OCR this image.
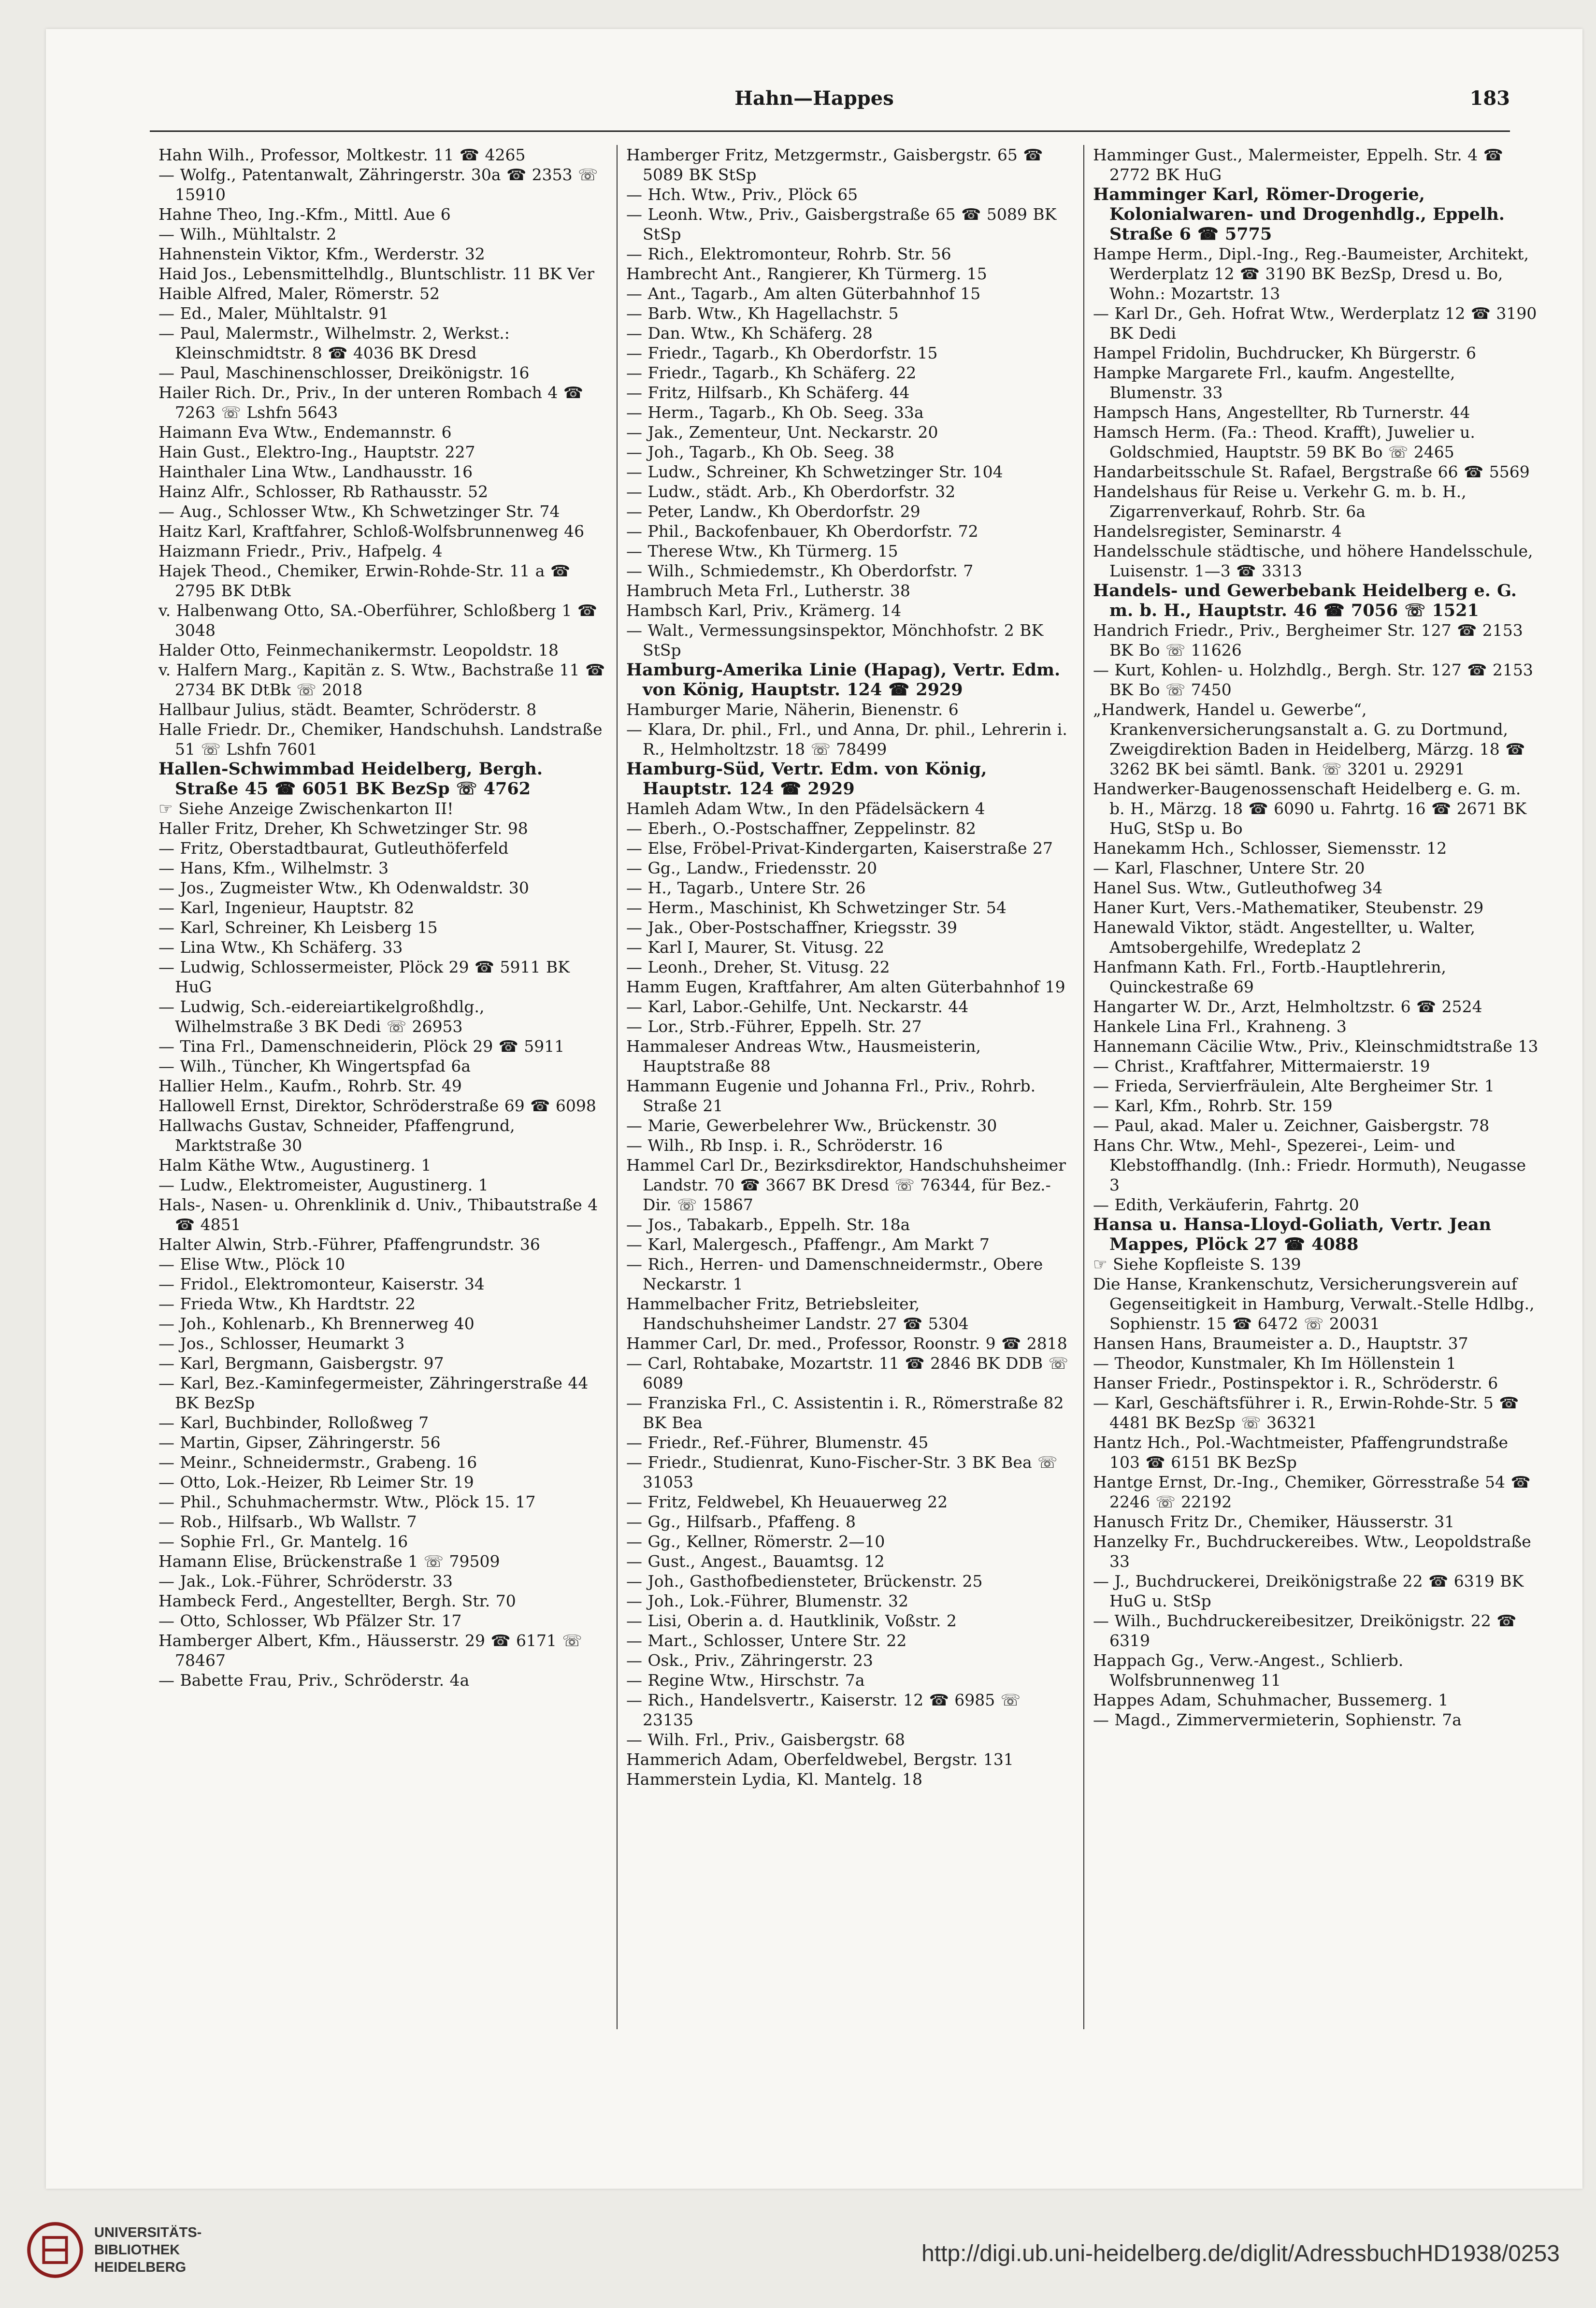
Hahn—Happes	183

Hahn Wilh., Professor, Moltkestr. 11 ☎ 4265

— Wolfg., Patentanwalt, Zähringerstr. 30a ☎ 2353 ☏ 15910

Hahne Theo, Ing.-Kfm., Mittl. Aue 6

— Wilh., Mühltalstr. 2

Hahnenstein Viktor, Kfm., Werderstr. 32

Haid Jos., Lebensmittelhdlg., Bluntschlistr. 11 BK Ver

Haible Alfred, Maler, Römerstr. 52

— Ed., Maler, Mühltalstr. 91

— Paul, Malermstr., Wilhelmstr. 2, Werkst.: Kleinschmidtstr. 8 ☎ 4036 BK Dresd

— Paul, Maschinenschlosser, Dreikönigstr. 16

Hailer Rich. Dr., Priv., In der unteren Rombach 4 ☎ 7263 ☏ Lshfn 5643

Haimann Eva Wtw., Endemannstr. 6

Hain Gust., Elektro-Ing., Hauptstr. 227

Hainthaler Lina Wtw., Landhausstr. 16

Hainz Alfr., Schlosser, Rb Rathausstr. 52

— Aug., Schlosser Wtw., Kh Schwetzinger Str. 74

Haitz Karl, Kraftfahrer, Schloß-Wolfsbrunnenweg 46

Haizmann Friedr., Priv., Hafpelg. 4

Hajek Theod., Chemiker, Erwin-Rohde-Str. 11 a ☎ 2795 BK DtBk

v. Halbenwang Otto, SA.-Oberführer, Schloßberg 1 ☎ 3048

Halder Otto, Feinmechanikermstr. Leopoldstr. 18

v. Halfern Marg., Kapitän z. S. Wtw., Bachstraße 11 ☎ 2734 BK DtBk ☏ 2018

Hallbaur Julius, städt. Beamter, Schröderstr. 8

Halle Friedr. Dr., Chemiker, Handschuhsh. Landstraße 51 ☏ Lshfn 7601

Hallen-Schwimmbad Heidelberg, Bergh. Straße 45 ☎ 6051 BK BezSp ☏ 4762

☞ Siehe Anzeige Zwischenkarton II!

Haller Fritz, Dreher, Kh Schwetzinger Str. 98

— Fritz, Oberstadtbaurat, Gutleuthöferfeld

— Hans, Kfm., Wilhelmstr. 3

— Jos., Zugmeister Wtw., Kh Odenwaldstr. 30

— Karl, Ingenieur, Hauptstr. 82

— Karl, Schreiner, Kh Leisberg 15

— Lina Wtw., Kh Schäferg. 33

— Ludwig, Schlossermeister, Plöck 29 ☎ 5911 BK HuG

— Ludwig, Sch.-eidereiartikelgroßhdlg., Wilhelmstraße 3 BK Dedi ☏ 26953

— Tina Frl., Damenschneiderin, Plöck 29 ☎ 5911

— Wilh., Tüncher, Kh Wingertspfad 6a

Hallier Helm., Kaufm., Rohrb. Str. 49

Hallowell Ernst, Direktor, Schröderstraße 69 ☎ 6098

Hallwachs Gustav, Schneider, Pfaffengrund, Marktstraße 30

Halm Käthe Wtw., Augustinerg. 1

— Ludw., Elektromeister, Augustinerg. 1

Hals-, Nasen- u. Ohrenklinik d. Univ., Thibautstraße 4 ☎ 4851

Halter Alwin, Strb.-Führer, Pfaffengrundstr. 36

— Elise Wtw., Plöck 10

— Fridol., Elektromonteur, Kaiserstr. 34

— Frieda Wtw., Kh Hardtstr. 22

— Joh., Kohlenarb., Kh Brennerweg 40

— Jos., Schlosser, Heumarkt 3

— Karl, Bergmann, Gaisbergstr. 97

— Karl, Bez.-Kaminfegermeister, Zähringerstraße 44 BK BezSp

— Karl, Buchbinder, Rolloßweg 7

— Martin, Gipser, Zähringerstr. 56

— Meinr., Schneidermstr., Grabeng. 16

— Otto, Lok.-Heizer, Rb Leimer Str. 19

— Phil., Schuhmachermstr. Wtw., Plöck 15. 17

— Rob., Hilfsarb., Wb Wallstr. 7

— Sophie Frl., Gr. Mantelg. 16

Hamann Elise, Brückenstraße 1 ☏ 79509

— Jak., Lok.-Führer, Schröderstr. 33

Hambeck Ferd., Angestellter, Bergh. Str. 70

— Otto, Schlosser, Wb Pfälzer Str. 17

Hamberger Albert, Kfm., Häusserstr. 29 ☎ 6171 ☏ 78467

— Babette Frau, Priv., Schröderstr. 4a

Hamberger Fritz, Metzgermstr., Gaisbergstr. 65 ☎ 5089 BK StSp

— Hch. Wtw., Priv., Plöck 65

— Leonh. Wtw., Priv., Gaisbergstraße 65 ☎ 5089 BK StSp

— Rich., Elektromonteur, Rohrb. Str. 56

Hambrecht Ant., Rangierer, Kh Türmerg. 15

— Ant., Tagarb., Am alten Güterbahnhof 15

— Barb. Wtw., Kh Hagellachstr. 5

— Dan. Wtw., Kh Schäferg. 28

— Friedr., Tagarb., Kh Oberdorfstr. 15

— Friedr., Tagarb., Kh Schäferg. 22

— Fritz, Hilfsarb., Kh Schäferg. 44

— Herm., Tagarb., Kh Ob. Seeg. 33a

— Jak., Zementeur, Unt. Neckarstr. 20

— Joh., Tagarb., Kh Ob. Seeg. 38

— Ludw., Schreiner, Kh Schwetzinger Str. 104

— Ludw., städt. Arb., Kh Oberdorfstr. 32

— Peter, Landw., Kh Oberdorfstr. 29

— Phil., Backofenbauer, Kh Oberdorfstr. 72

— Therese Wtw., Kh Türmerg. 15

— Wilh., Schmiedemstr., Kh Oberdorfstr. 7

Hambruch Meta Frl., Lutherstr. 38

Hambsch Karl, Priv., Krämerg. 14

— Walt., Vermessungsinspektor, Mönchhofstr. 2 BK StSp

Hamburg-Amerika Linie (Hapag), Vertr. Edm. von König, Hauptstr. 124 ☎ 2929

Hamburger Marie, Näherin, Bienenstr. 6

— Klara, Dr. phil., Frl., und Anna, Dr. phil., Lehrerin i. R., Helmholtzstr. 18 ☏ 78499

Hamburg-Süd, Vertr. Edm. von König, Hauptstr. 124 ☎ 2929

Hamleh Adam Wtw., In den Pfädelsäckern 4

— Eberh., O.-Postschaffner, Zeppelinstr. 82

— Else, Fröbel-Privat-Kindergarten, Kaiserstraße 27

— Gg., Landw., Friedensstr. 20

— H., Tagarb., Untere Str. 26

— Herm., Maschinist, Kh Schwetzinger Str. 54

— Jak., Ober-Postschaffner, Kriegsstr. 39

— Karl I, Maurer, St. Vitusg. 22

— Leonh., Dreher, St. Vitusg. 22

Hamm Eugen, Kraftfahrer, Am alten Güterbahnhof 19

— Karl, Labor.-Gehilfe, Unt. Neckarstr. 44

— Lor., Strb.-Führer, Eppelh. Str. 27

Hammaleser Andreas Wtw., Hausmeisterin, Hauptstraße 88

Hammann Eugenie und Johanna Frl., Priv., Rohrb. Straße 21

— Marie, Gewerbelehrer Ww., Brückenstr. 30

— Wilh., Rb Insp. i. R., Schröderstr. 16

Hammel Carl Dr., Bezirksdirektor, Handschuhsheimer Landstr. 70 ☎ 3667 BK Dresd ☏ 76344, für Bez.-Dir. ☏ 15867

— Jos., Tabakarb., Eppelh. Str. 18a

— Karl, Malergesch., Pfaffengr., Am Markt 7

— Rich., Herren- und Damenschneidermstr., Obere Neckarstr. 1

Hammelbacher Fritz, Betriebsleiter, Handschuhsheimer Landstr. 27 ☎ 5304

Hammer Carl, Dr. med., Professor, Roonstr. 9 ☎ 2818

— Carl, Rohtabake, Mozartstr. 11 ☎ 2846 BK DDB ☏ 6089

— Franziska Frl., C. Assistentin i. R., Römerstraße 82 BK Bea

— Friedr., Ref.-Führer, Blumenstr. 45

— Friedr., Studienrat, Kuno-Fischer-Str. 3 BK Bea ☏ 31053

— Fritz, Feldwebel, Kh Heuauerweg 22

— Gg., Hilfsarb., Pfaffeng. 8

— Gg., Kellner, Römerstr. 2—10

— Gust., Angest., Bauamtsg. 12

— Joh., Gasthofbediensteter, Brückenstr. 25

— Joh., Lok.-Führer, Blumenstr. 32

— Lisi, Oberin a. d. Hautklinik, Voßstr. 2

— Mart., Schlosser, Untere Str. 22

— Osk., Priv., Zähringerstr. 23

— Regine Wtw., Hirschstr. 7a

— Rich., Handelsvertr., Kaiserstr. 12 ☎ 6985 ☏ 23135

— Wilh. Frl., Priv., Gaisbergstr. 68

Hammerich Adam, Oberfeldwebel, Bergstr. 131

Hammerstein Lydia, Kl. Mantelg. 18

Hamminger Gust., Malermeister, Eppelh. Str. 4 ☎ 2772 BK HuG

Hamminger Karl, Römer-Drogerie, Kolonialwaren- und Drogenhdlg., Eppelh. Straße 6 ☎ 5775

Hampe Herm., Dipl.-Ing., Reg.-Baumeister, Architekt, Werderplatz 12 ☎ 3190 BK BezSp, Dresd u. Bo, Wohn.: Mozartstr. 13

— Karl Dr., Geh. Hofrat Wtw., Werderplatz 12 ☎ 3190 BK Dedi

Hampel Fridolin, Buchdrucker, Kh Bürgerstr. 6

Hampke Margarete Frl., kaufm. Angestellte, Blumenstr. 33

Hampsch Hans, Angestellter, Rb Turnerstr. 44

Hamsch Herm. (Fa.: Theod. Krafft), Juwelier u. Goldschmied, Hauptstr. 59 BK Bo ☏ 2465

Handarbeitsschule St. Rafael, Bergstraße 66 ☎ 5569

Handelshaus für Reise u. Verkehr G. m. b. H., Zigarrenverkauf, Rohrb. Str. 6a

Handelsregister, Seminarstr. 4

Handelsschule städtische, und höhere Handelsschule, Luisenstr. 1—3 ☎ 3313

Handels- und Gewerbebank Heidelberg e. G. m. b. H., Hauptstr. 46 ☎ 7056 ☏ 1521

Handrich Friedr., Priv., Bergheimer Str. 127 ☎ 2153 BK Bo ☏ 11626

— Kurt, Kohlen- u. Holzhdlg., Bergh. Str. 127 ☎ 2153 BK Bo ☏ 7450

„Handwerk, Handel u. Gewerbe“, Krankenversicherungsanstalt a. G. zu Dortmund, Zweigdirektion Baden in Heidelberg, Märzg. 18 ☎ 3262 BK bei sämtl. Bank. ☏ 3201 u. 29291

Handwerker-Baugenossenschaft Heidelberg e. G. m. b. H., Märzg. 18 ☎ 6090 u. Fahrtg. 16 ☎ 2671 BK HuG, StSp u. Bo

Hanekamm Hch., Schlosser, Siemensstr. 12

— Karl, Flaschner, Untere Str. 20

Hanel Sus. Wtw., Gutleuthofweg 34

Haner Kurt, Vers.-Mathematiker, Steubenstr. 29

Hanewald Viktor, städt. Angestellter, u. Walter, Amtsobergehilfe, Wredeplatz 2

Hanfmann Kath. Frl., Fortb.-Hauptlehrerin, Quinckestraße 69

Hangarter W. Dr., Arzt, Helmholtzstr. 6 ☎ 2524

Hankele Lina Frl., Krahneng. 3

Hannemann Cäcilie Wtw., Priv., Kleinschmidtstraße 13

— Christ., Kraftfahrer, Mittermaierstr. 19

— Frieda, Servierfräulein, Alte Bergheimer Str. 1

— Karl, Kfm., Rohrb. Str. 159

— Paul, akad. Maler u. Zeichner, Gaisbergstr. 78

Hans Chr. Wtw., Mehl-, Spezerei-, Leim- und Klebstoffhandlg. (Inh.: Friedr. Hormuth), Neugasse 3

— Edith, Verkäuferin, Fahrtg. 20

Hansa u. Hansa-Lloyd-Goliath, Vertr. Jean Mappes, Plöck 27 ☎ 4088

☞ Siehe Kopfleiste S. 139

Die Hanse, Krankenschutz, Versicherungsverein auf Gegenseitigkeit in Hamburg, Verwalt.-Stelle Hdlbg., Sophienstr. 15 ☎ 6472 ☏ 20031

Hansen Hans, Braumeister a. D., Hauptstr. 37

— Theodor, Kunstmaler, Kh Im Höllenstein 1

Hanser Friedr., Postinspektor i. R., Schröderstr. 6

— Karl, Geschäftsführer i. R., Erwin-Rohde-Str. 5 ☎ 4481 BK BezSp ☏ 36321

Hantz Hch., Pol.-Wachtmeister, Pfaffengrundstraße 103 ☎ 6151 BK BezSp

Hantge Ernst, Dr.-Ing., Chemiker, Görresstraße 54 ☎ 2246 ☏ 22192

Hanusch Fritz Dr., Chemiker, Häusserstr. 31

Hanzelky Fr., Buchdruckereibes. Wtw., Leopoldstraße 33

— J., Buchdruckerei, Dreikönigstraße 22 ☎ 6319 BK HuG u. StSp

— Wilh., Buchdruckereibesitzer, Dreikönigstr. 22 ☎ 6319

Happach Gg., Verw.-Angest., Schlierb. Wolfsbrunnenweg 11

Happes Adam, Schuhmacher, Bussemerg. 1

— Magd., Zimmervermieterin, Sophienstr. 7a

UNIVERSITÄTS-
BIBLIOTHEK
HEIDELBERG
http://digi.ub.uni-heidelberg.de/diglit/AdressbuchHD1938/0253
